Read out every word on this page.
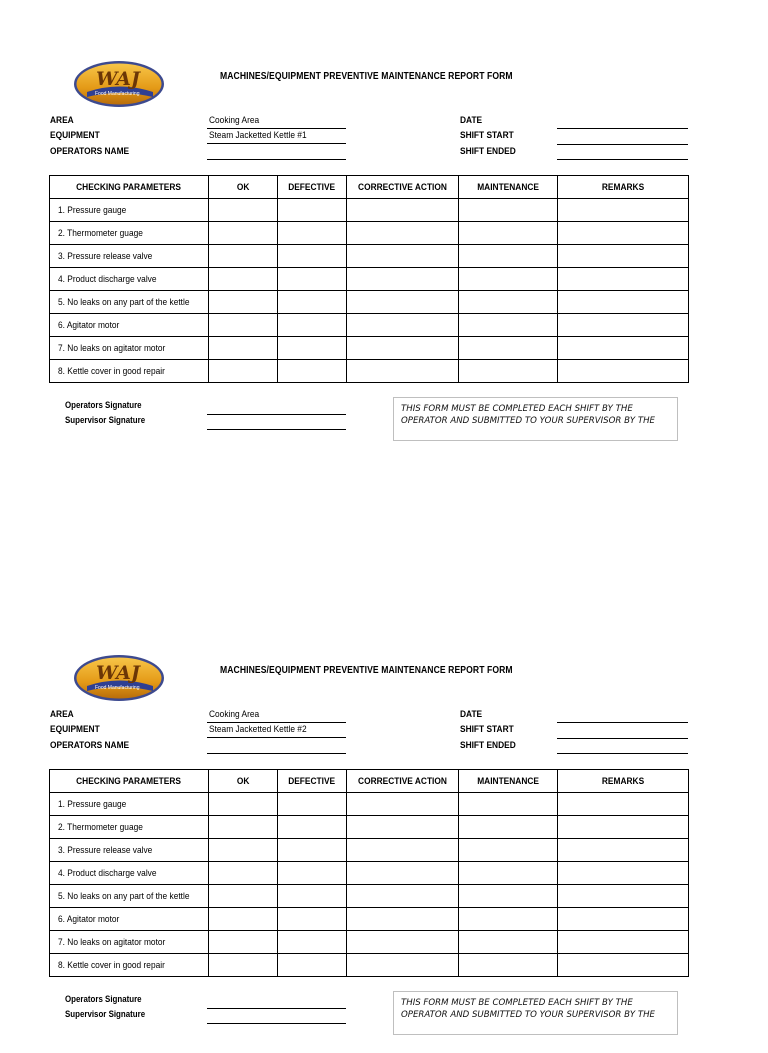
WAJ
Food Manufacturing
MACHINES/EQUIPMENT PREVENTIVE MAINTENANCE REPORT FORM
AREA	Cooking Area
EQUIPMENT	Steam Jacketted Kettle #1
OPERATORS NAME
DATE
SHIFT START
SHIFT ENDED
CHECKING PARAMETERS	OK	DEFECTIVE	CORRECTIVE ACTION	MAINTENANCE	REMARKS
1. Pressure gauge					
2. Thermometer guage					
3. Pressure release valve					
4. Product discharge valve					
5. No leaks on any part of the kettle					
6. Agitator motor					
7. No leaks on agitator motor					
8. Kettle cover in good repair					
Operators Signature
Supervisor Signature
THIS FORM MUST BE COMPLETED EACH SHIFT BY THE OPERATOR AND SUBMITTED TO YOUR SUPERVISOR BY THE
WAJ
Food Manufacturing
MACHINES/EQUIPMENT PREVENTIVE MAINTENANCE REPORT FORM
AREA	Cooking Area
EQUIPMENT	Steam Jacketted Kettle #2
OPERATORS NAME
DATE
SHIFT START
SHIFT ENDED
CHECKING PARAMETERS	OK	DEFECTIVE	CORRECTIVE ACTION	MAINTENANCE	REMARKS
1. Pressure gauge					
2. Thermometer guage					
3. Pressure release valve					
4. Product discharge valve					
5. No leaks on any part of the kettle					
6. Agitator motor					
7. No leaks on agitator motor					
8. Kettle cover in good repair					
Operators Signature
Supervisor Signature
THIS FORM MUST BE COMPLETED EACH SHIFT BY THE OPERATOR AND SUBMITTED TO YOUR SUPERVISOR BY THE
